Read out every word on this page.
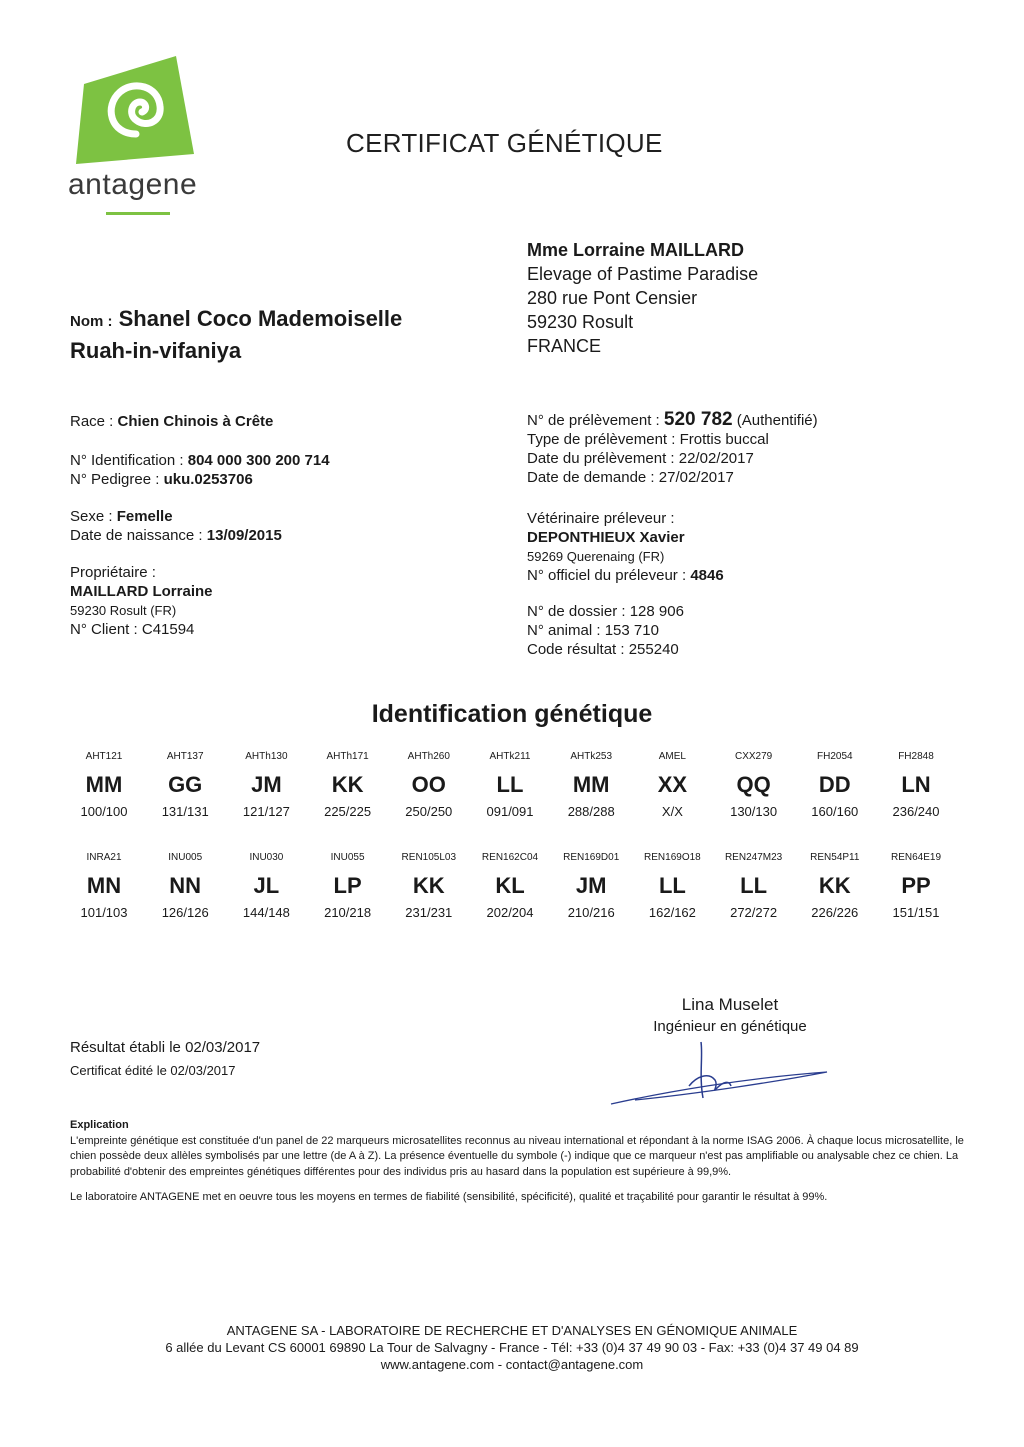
antagene
CERTIFICAT GÉNÉTIQUE
Mme Lorraine MAILLARD
Elevage of Pastime Paradise
280 rue Pont Censier
59230 Rosult
FRANCE
Nom : Shanel Coco Mademoiselle
Ruah-in-vifaniya
Race : Chien Chinois à Crête
N° Identification : 804 000 300 200 714
N° Pedigree : uku.0253706
Sexe : Femelle
Date de naissance : 13/09/2015
Propriétaire :
MAILLARD Lorraine
59230 Rosult (FR)
N° Client : C41594
N° de prélèvement : 520 782 (Authentifié)
Type de prélèvement : Frottis buccal
Date du prélèvement : 22/02/2017
Date de demande : 27/02/2017
Vétérinaire préleveur :
DEPONTHIEUX Xavier
59269 Querenaing (FR)
N° officiel du préleveur : 4846
N° de dossier : 128 906
N° animal : 153 710
Code résultat : 255240
Identification génétique
AHT121
MM
100/100
AHT137
GG
131/131
AHTh130
JM
121/127
AHTh171
KK
225/225
AHTh260
OO
250/250
AHTk211
LL
091/091
AHTk253
MM
288/288
AMEL
XX
X/X
CXX279
QQ
130/130
FH2054
DD
160/160
FH2848
LN
236/240
INRA21
MN
101/103
INU005
NN
126/126
INU030
JL
144/148
INU055
LP
210/218
REN105L03
KK
231/231
REN162C04
KL
202/204
REN169D01
JM
210/216
REN169O18
LL
162/162
REN247M23
LL
272/272
REN54P11
KK
226/226
REN64E19
PP
151/151
Résultat établi le 02/03/2017
Certificat édité le 02/03/2017
Lina Muselet
Ingénieur en génétique
Explication
L'empreinte génétique est constituée d'un panel de 22 marqueurs microsatellites reconnus au niveau international et répondant à la norme ISAG 2006. À chaque locus microsatellite, le chien possède deux allèles symbolisés par une lettre (de A à Z). La présence éventuelle du symbole (-) indique que ce marqueur n'est pas amplifiable ou analysable chez ce chien. La probabilité d'obtenir des empreintes génétiques différentes pour des individus pris au hasard dans la population est supérieure à 99,9%.
Le laboratoire ANTAGENE met en oeuvre tous les moyens en termes de fiabilité (sensibilité, spécificité), qualité et traçabilité pour garantir le résultat à 99%.
ANTAGENE SA - LABORATOIRE DE RECHERCHE ET D'ANALYSES EN GÉNOMIQUE ANIMALE
6 allée du Levant CS 60001 69890 La Tour de Salvagny - France - Tél: +33 (0)4 37 49 90 03 - Fax: +33 (0)4 37 49 04 89
www.antagene.com - contact@antagene.com
